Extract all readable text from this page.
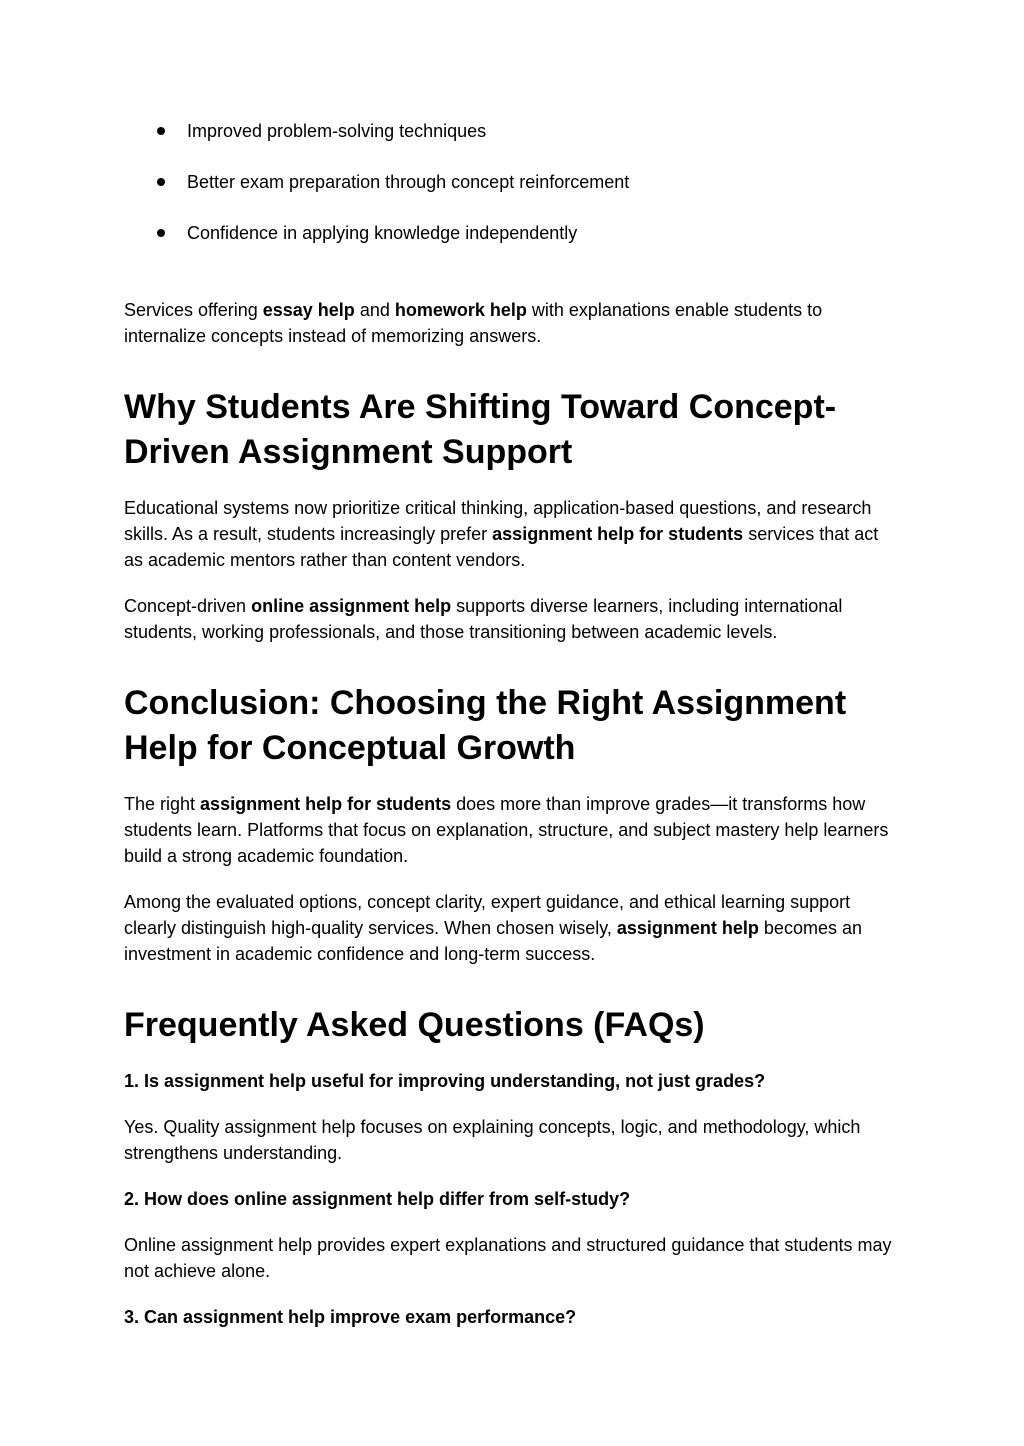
Improved problem-solving techniques
Better exam preparation through concept reinforcement
Confidence in applying knowledge independently

Services offering essay help and homework help with explanations enable students to internalize concepts instead of memorizing answers.

Why Students Are Shifting Toward Concept-Driven Assignment Support

Educational systems now prioritize critical thinking, application-based questions, and research skills. As a result, students increasingly prefer assignment help for students services that act as academic mentors rather than content vendors.

Concept-driven online assignment help supports diverse learners, including international students, working professionals, and those transitioning between academic levels.

Conclusion: Choosing the Right Assignment Help for Conceptual Growth

The right assignment help for students does more than improve grades—it transforms how students learn. Platforms that focus on explanation, structure, and subject mastery help learners build a strong academic foundation.

Among the evaluated options, concept clarity, expert guidance, and ethical learning support clearly distinguish high-quality services. When chosen wisely, assignment help becomes an investment in academic confidence and long-term success.

Frequently Asked Questions (FAQs)

1. Is assignment help useful for improving understanding, not just grades?

Yes. Quality assignment help focuses on explaining concepts, logic, and methodology, which strengthens understanding.

2. How does online assignment help differ from self-study?

Online assignment help provides expert explanations and structured guidance that students may not achieve alone.

3. Can assignment help improve exam performance?
